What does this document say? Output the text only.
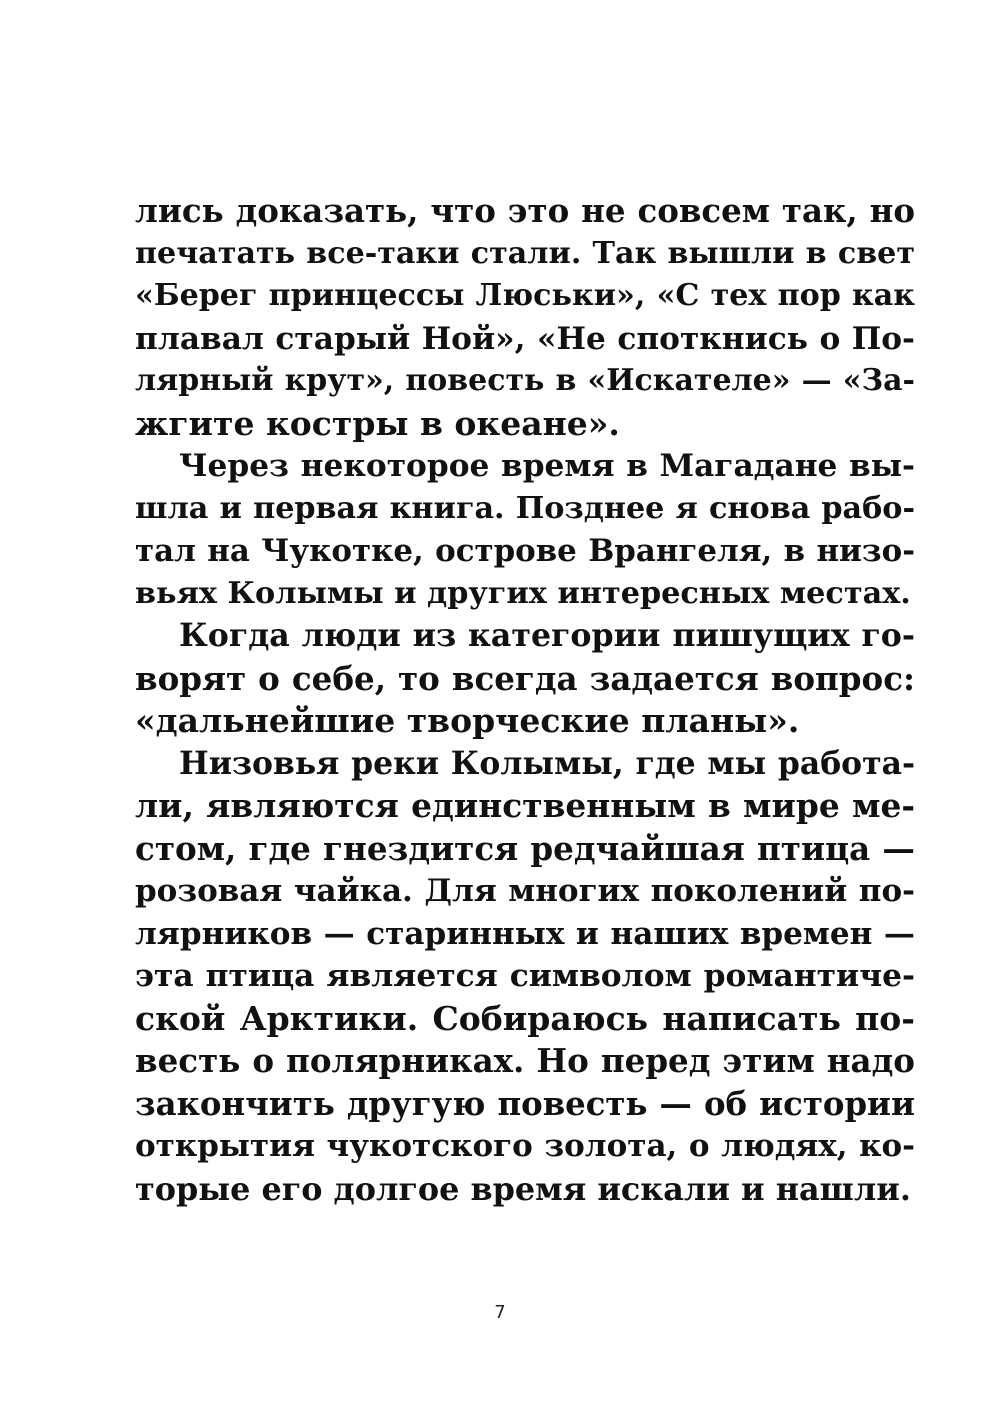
лись доказать, что это не совсем так, но
печатать все-таки стали. Так вышли в свет
«Берег принцессы Люськи», «С тех пор как
плавал старый Ной», «Не споткнись о По-
лярный крут», повесть в «Искателе» — «За-
жгите костры в океане».
Через некоторое время в Магадане вы-
шла и первая книга. Позднее я снова рабо-
тал на Чукотке, острове Врангеля, в низо-
вьях Колымы и других интересных местах.
Когда люди из категории пишущих го-
ворят о себе, то всегда задается вопрос:
«дальнейшие творческие планы».
Низовья реки Колымы, где мы работа-
ли, являются единственным в мире ме-
стом, где гнездится редчайшая птица —
розовая чайка. Для многих поколений по-
лярников — старинных и наших времен —
эта птица является символом романтиче-
ской Арктики. Собираюсь написать по-
весть о полярниках. Но перед этим надо
закончить другую повесть — об истории
открытия чукотского золота, о людях, ко-
торые его долгое время искали и нашли.
7
